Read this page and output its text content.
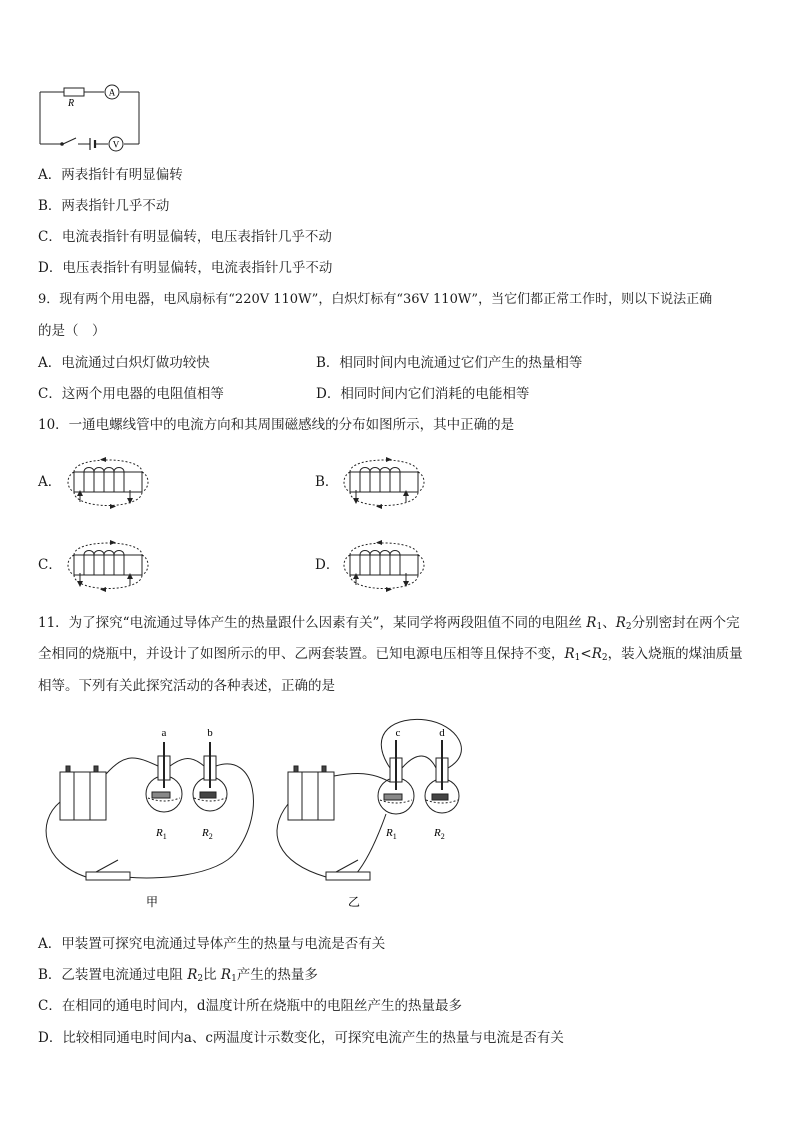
R
A
V
A．两表指针有明显偏转
B．两表指针几乎不动
C．电流表指针有明显偏转，电压表指针几乎不动
D．电压表指针有明显偏转，电流表指针几乎不动
9．现有两个用电器，电风扇标有“220V 110W”，白炽灯标有“36V 110W”，当它们都正常工作时，则以下说法正确
的是（　）
A．电流通过白炽灯做功较快	B．相同时间内电流通过它们产生的热量相等
C．这两个用电器的电阻值相等	D．相同时间内它们消耗的电能相等
10．一通电螺线管中的电流方向和其周围磁感线的分布如图所示，其中正确的是
A．	B．
C．	D．
11．为了探究“电流通过导体产生的热量跟什么因素有关”，某同学将两段阻值不同的电阻丝 $R_1$、$R_2$分别密封在两个完
全相同的烧瓶中，并设计了如图所示的甲、乙两套装置。已知电源电压相等且保持不变，$R_1<R_2$，装入烧瓶的煤油质量
相等。下列有关此探究活动的各种表述，正确的是
a	b	c	d
$R_1$	$R_2$	$R_1$	$R_2$
甲	乙
A．甲装置可探究电流通过导体产生的热量与电流是否有关
B．乙装置电流通过电阻 $R_2$比 $R_1$产生的热量多
C．在相同的通电时间内，d温度计所在烧瓶中的电阻丝产生的热量最多
D．比较相同通电时间内a、c两温度计示数变化，可探究电流产生的热量与电流是否有关
